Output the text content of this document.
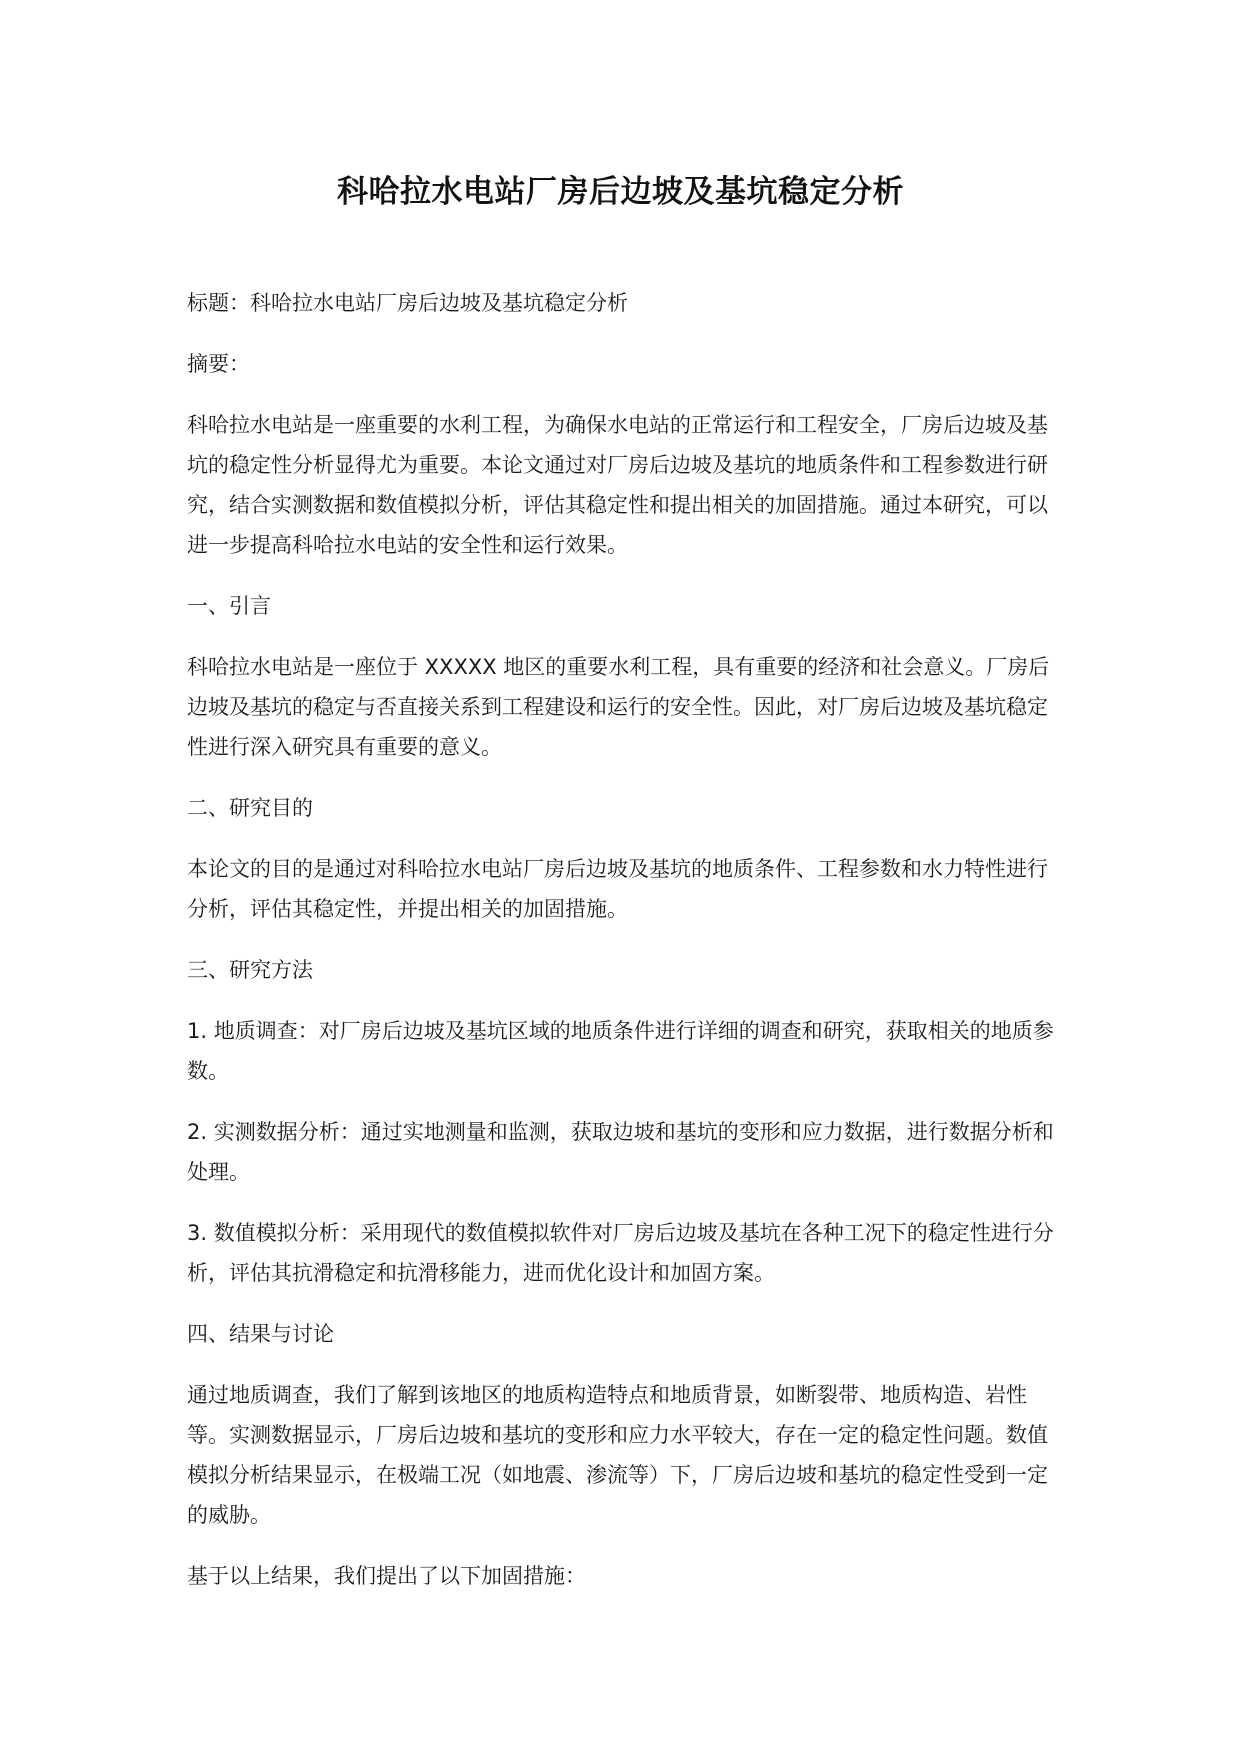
科哈拉水电站厂房后边坡及基坑稳定分析

标题：科哈拉水电站厂房后边坡及基坑稳定分析

摘要：

科哈拉水电站是一座重要的水利工程，为确保水电站的正常运行和工程安全，厂房后边坡及基坑的稳定性分析显得尤为重要。本论文通过对厂房后边坡及基坑的地质条件和工程参数进行研究，结合实测数据和数值模拟分析，评估其稳定性和提出相关的加固措施。通过本研究，可以进一步提高科哈拉水电站的安全性和运行效果。

一、引言

科哈拉水电站是一座位于 XXXXX 地区的重要水利工程，具有重要的经济和社会意义。厂房后边坡及基坑的稳定与否直接关系到工程建设和运行的安全性。因此，对厂房后边坡及基坑稳定性进行深入研究具有重要的意义。

二、研究目的

本论文的目的是通过对科哈拉水电站厂房后边坡及基坑的地质条件、工程参数和水力特性进行分析，评估其稳定性，并提出相关的加固措施。

三、研究方法

1. 地质调查：对厂房后边坡及基坑区域的地质条件进行详细的调查和研究，获取相关的地质参数。

2. 实测数据分析：通过实地测量和监测，获取边坡和基坑的变形和应力数据，进行数据分析和处理。

3. 数值模拟分析：采用现代的数值模拟软件对厂房后边坡及基坑在各种工况下的稳定性进行分析，评估其抗滑稳定和抗滑移能力，进而优化设计和加固方案。

四、结果与讨论

通过地质调查，我们了解到该地区的地质构造特点和地质背景，如断裂带、地质构造、岩性等。实测数据显示，厂房后边坡和基坑的变形和应力水平较大，存在一定的稳定性问题。数值模拟分析结果显示，在极端工况（如地震、渗流等）下，厂房后边坡和基坑的稳定性受到一定的威胁。

基于以上结果，我们提出了以下加固措施：
